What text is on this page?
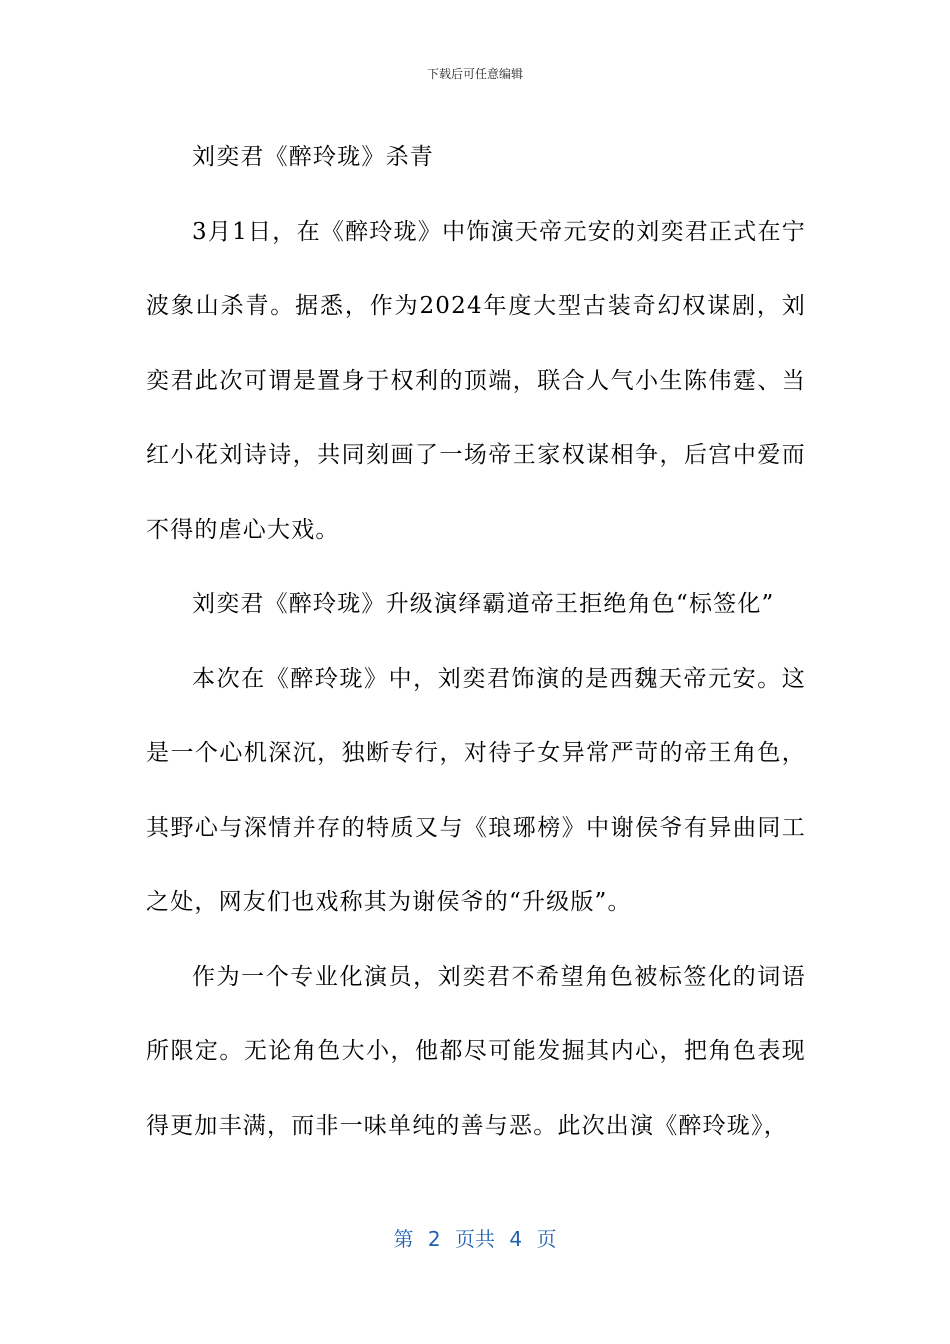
下载后可任意编辑

刘奕君《醉玲珑》杀青

3月1日，在《醉玲珑》中饰演天帝元安的刘奕君正式在宁波象山杀青。据悉，作为2024年度大型古装奇幻权谋剧，刘奕君此次可谓是置身于权利的顶端，联合人气小生陈伟霆、当红小花刘诗诗，共同刻画了一场帝王家权谋相争，后宫中爱而不得的虐心大戏。

刘奕君《醉玲珑》升级演绎霸道帝王拒绝角色“标签化”

本次在《醉玲珑》中，刘奕君饰演的是西魏天帝元安。这是一个心机深沉，独断专行，对待子女异常严苛的帝王角色，其野心与深情并存的特质又与《琅琊榜》中谢侯爷有异曲同工之处，网友们也戏称其为谢侯爷的“升级版”。

作为一个专业化演员，刘奕君不希望角色被标签化的词语所限定。无论角色大小，他都尽可能发掘其内心，把角色表现得更加丰满，而非一味单纯的善与恶。此次出演《醉玲珑》，

第 2 页共 4 页
